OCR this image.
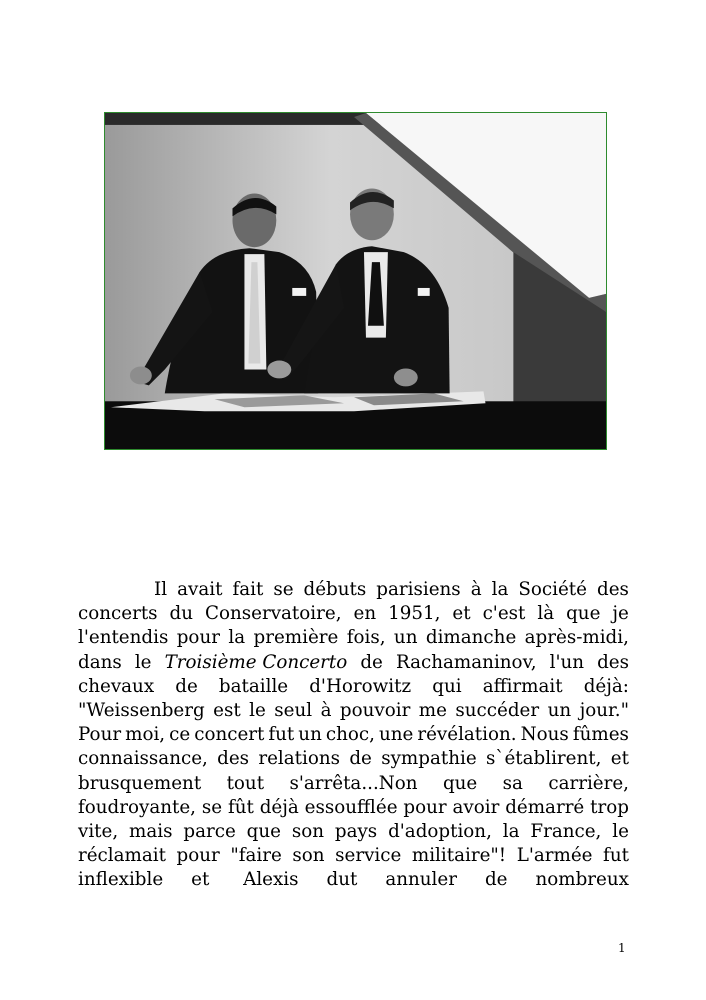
Il avait fait se débuts parisiens à la Société des
concerts du Conservatoire, en 1951, et c'est là que je
l'entendis pour la première fois, un dimanche après-midi,
dans le Troisième Concerto de Rachamaninov, l'un des
chevaux de bataille d'Horowitz qui affirmait déjà:
"Weissenberg est le seul à pouvoir me succéder un jour."
Pour moi, ce concert fut un choc, une révélation. Nous fûmes
connaissance, des relations de sympathie s`établirent, et
brusquement tout s'arrêta...Non que sa carrière,
foudroyante, se fût déjà essoufflée pour avoir démarré trop
vite, mais parce que son pays d'adoption, la France, le
réclamait pour "faire son service militaire"! L'armée fut
inflexible et Alexis dut annuler de nombreux
1
